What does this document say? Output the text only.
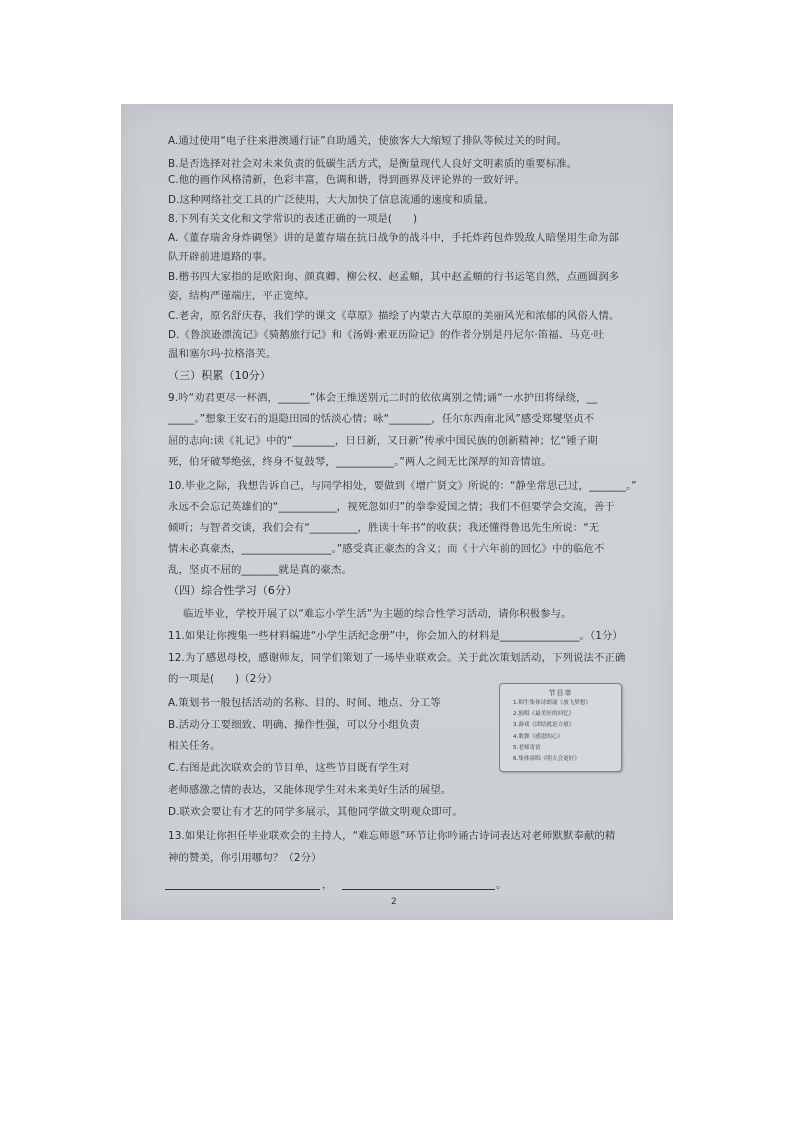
A.通过使用“电子往来港澳通行证”自助通关，使旅客大大缩短了排队等候过关的时间。
B.是否选择对社会对未来负责的低碳生活方式，是衡量现代人良好文明素质的重要标准。
C.他的画作风格清新，色彩丰富，色调和谐，得到画界及评论界的一致好评。
D.这种网络社交工具的广泛使用，大大加快了信息流通的速度和质量。
8.下列有关文化和文学常识的表述正确的一项是(　　)
A.《董存瑞舍身炸碉堡》讲的是董存瑞在抗日战争的战斗中，手托炸药包炸毁敌人暗堡用生命为部
队开辟前进道路的事。
B.楷书四大家指的是欧阳询、颜真卿、柳公权、赵孟頫，其中赵孟頫的行书运笔自然，点画圆润多
姿，结构严谨端庄，平正宽绰。
C.老舍，原名舒庆春，我们学的课文《草原》描绘了内蒙古大草原的美丽风光和浓郁的风俗人情。
D.《鲁滨逊漂流记》《骑鹅旅行记》和《汤姆·索亚历险记》的作者分别是丹尼尔·笛福、马克·吐
温和塞尔玛·拉格洛芙。
（三）积累（10分）
9.吟“劝君更尽一杯酒，______”体会王维送别元二时的依依离别之情;诵“一水护田将绿绕，__
_____。”想象王安石的退隐田园的恬淡心情；咏“________，任尔东西南北风”感受郑燮坚贞不
屈的志向:读《礼记》中的“________，日日新，又日新”传承中国民族的创新精神；忆“锺子期
死，伯牙破琴绝弦，终身不复鼓琴，___________。”两人之间无比深厚的知音情谊。
10.毕业之际，我想告诉自己，与同学相处，要做到《增广贤文》所说的：“静坐常思己过，_______。”
永远不会忘记英雄们的“___________，视死忽如归”的拳拳爱国之情；我们不但要学会交流，善于
倾听；与智者交谈，我们会有“_________，胜读十年书”的收获；我还懂得鲁迅先生所说：“无
情未必真豪杰，_________________。”感受真正豪杰的含义；而《十六年前的回忆》中的临危不
乱，坚贞不屈的_______就是真的豪杰。
（四）综合性学习（6分）
临近毕业，学校开展了以“难忘小学生活”为主题的综合性学习活动，请你积极参与。
11.如果让你搜集一些材料编进“小学生活纪念册”中，你会加入的材料是_______________。（1分）
12.为了感恩母校，感谢师友，同学们策划了一场毕业联欢会。关于此次策划活动，下列说法不正确
的一项是(　　)（2分）
A.策划书一般包括活动的名称、目的、时间、地点、分工等
B.活动分工要细致、明确、操作性强，可以分小组负责
相关任务。
C.右图是此次联欢会的节目单，这些节目既有学生对
老师感激之情的表达，又能体现学生对未来美好生活的展望。
D.联欢会要让有才艺的同学多展示，其他同学做文明观众即可。
13.如果让你担任毕业联欢会的主持人，“难忘师恩”环节让你吟诵古诗词表达对老师默默奉献的精
神的赞美，你引用哪句？（2分）
节目单
1.师生集体诗朗诵《放飞梦想》
2.独唱《最美好的回忆》
3.游戏《团结就是力量》
4.歌舞《感恩的心》
5.老师寄语
6.集体演唱《明天会更好》
，	。
2
